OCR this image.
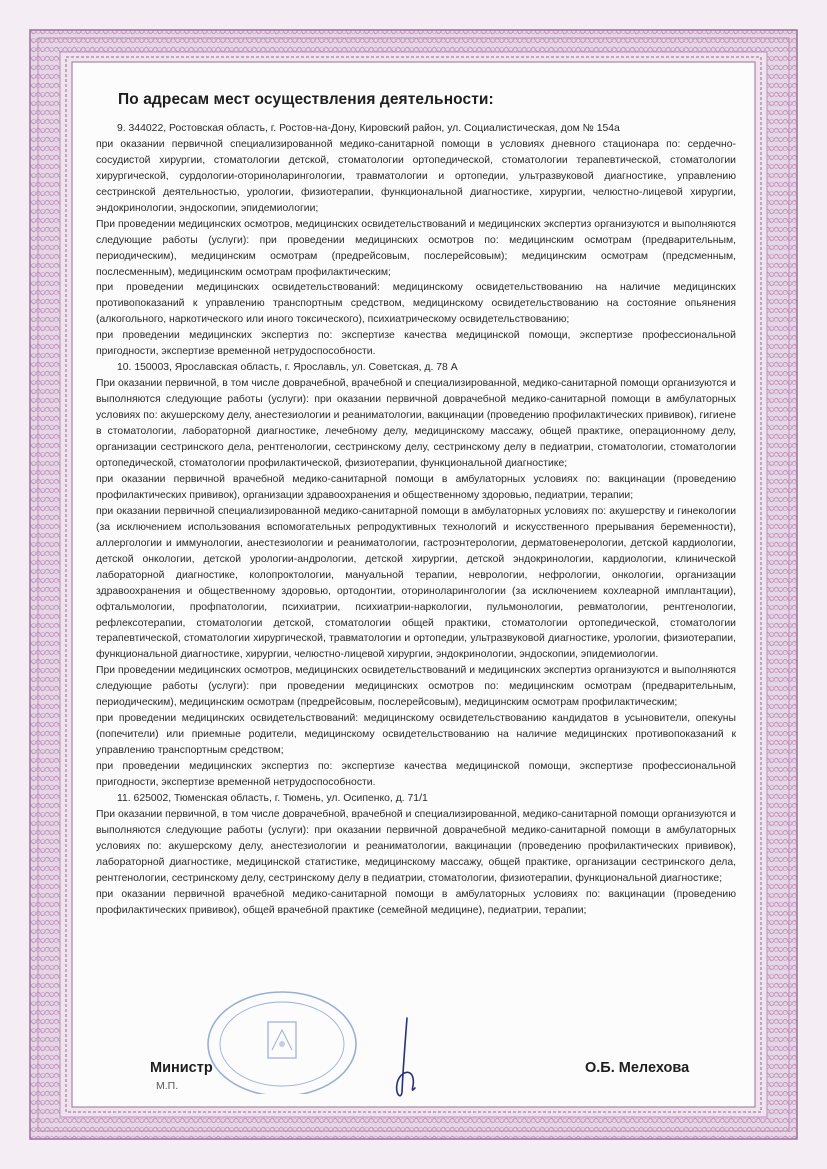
По адресам мест осуществления деятельности:

9. 344022, Ростовская область, г. Ростов-на-Дону, Кировский район, ул. Социалистическая, дом № 154а

при оказании первичной специализированной медико-санитарной помощи в условиях дневного стационара по: сердечно-сосудистой хирургии, стоматологии детской, стоматологии ортопедической, стоматологии терапевтической, стоматологии хирургической, сурдологии-оториноларингологии, травматологии и ортопедии, ультразвуковой диагностике, управлению сестринской деятельностью, урологии, физиотерапии, функциональной диагностике, хирургии, челюстно-лицевой хирургии, эндокринологии, эндоскопии, эпидемиологии;

При проведении медицинских осмотров, медицинских освидетельствований и медицинских экспертиз организуются и выполняются следующие работы (услуги): при проведении медицинских осмотров по: медицинским осмотрам (предварительным, периодическим), медицинским осмотрам (предрейсовым, послерейсовым); медицинским осмотрам (предсменным, послесменным), медицинским осмотрам профилактическим;

при проведении медицинских освидетельствований: медицинскому освидетельствованию на наличие медицинских противопоказаний к управлению транспортным средством, медицинскому освидетельствованию на состояние опьянения (алкогольного, наркотического или иного токсического), психиатрическому освидетельствованию;

при проведении медицинских экспертиз по: экспертизе качества медицинской помощи, экспертизе профессиональной пригодности, экспертизе временной нетрудоспособности.

10. 150003, Ярославская область, г. Ярославль, ул. Советская, д. 78 А

При оказании первичной, в том числе доврачебной, врачебной и специализированной, медико-санитарной помощи организуются и выполняются следующие работы (услуги): при оказании первичной доврачебной медико-санитарной помощи в амбулаторных условиях по: акушерскому делу, анестезиологии и реаниматологии, вакцинации (проведению профилактических прививок), гигиене в стоматологии, лабораторной диагностике, лечебному делу, медицинскому массажу, общей практике, операционному делу, организации сестринского дела, рентгенологии, сестринскому делу, сестринскому делу в педиатрии, стоматологии, стоматологии ортопедической, стоматологии профилактической, физиотерапии, функциональной диагностике;

при оказании первичной врачебной медико-санитарной помощи в амбулаторных условиях по: вакцинации (проведению профилактических прививок), организации здравоохранения и общественному здоровью, педиатрии, терапии;

при оказании первичной специализированной медико-санитарной помощи в амбулаторных условиях по: акушерству и гинекологии (за исключением использования вспомогательных репродуктивных технологий и искусственного прерывания беременности), аллергологии и иммунологии, анестезиологии и реаниматологии, гастроэнтерологии, дерматовенерологии, детской кардиологии, детской онкологии, детской урологии-андрологии, детской хирургии, детской эндокринологии, кардиологии, клинической лабораторной диагностике, колопроктологии, мануальной терапии, неврологии, нефрологии, онкологии, организации здравоохранения и общественному здоровью, ортодонтии, оториноларингологии (за исключением кохлеарной имплантации), офтальмологии, профпатологии, психиатрии, психиатрии-наркологии, пульмонологии, ревматологии, рентгенологии, рефлексотерапии, стоматологии детской, стоматологии общей практики, стоматологии ортопедической, стоматологии терапевтической, стоматологии хирургической, травматологии и ортопедии, ультразвуковой диагностике, урологии, физиотерапии, функциональной диагностике, хирургии, челюстно-лицевой хирургии, эндокринологии, эндоскопии, эпидемиологии.

При проведении медицинских осмотров, медицинских освидетельствований и медицинских экспертиз организуются и выполняются следующие работы (услуги): при проведении медицинских осмотров по: медицинским осмотрам (предварительным, периодическим), медицинским осмотрам (предрейсовым, послерейсовым), медицинским осмотрам профилактическим;

при проведении медицинских освидетельствований: медицинскому освидетельствованию кандидатов в усыновители, опекуны (попечители) или приемные родители, медицинскому освидетельствованию на наличие медицинских противопоказаний к управлению транспортным средством;

при проведении медицинских экспертиз по: экспертизе качества медицинской помощи, экспертизе профессиональной пригодности, экспертизе временной нетрудоспособности.

11. 625002, Тюменская область, г. Тюмень, ул. Осипенко, д. 71/1

При оказании первичной, в том числе доврачебной, врачебной и специализированной, медико-санитарной помощи организуются и выполняются следующие работы (услуги): при оказании первичной доврачебной медико-санитарной помощи в амбулаторных условиях по: акушерскому делу, анестезиологии и реаниматологии, вакцинации (проведению профилактических прививок), лабораторной диагностике, медицинской статистике, медицинскому массажу, общей практике, организации сестринского дела, рентгенологии, сестринскому делу, сестринскому делу в педиатрии, стоматологии, физиотерапии, функциональной диагностике;

при оказании первичной врачебной медико-санитарной помощи в амбулаторных условиях по: вакцинации (проведению профилактических прививок), общей врачебной практике (семейной медицине), педиатрии, терапии;

Министр
М.П.
О.Б. Мелехова
